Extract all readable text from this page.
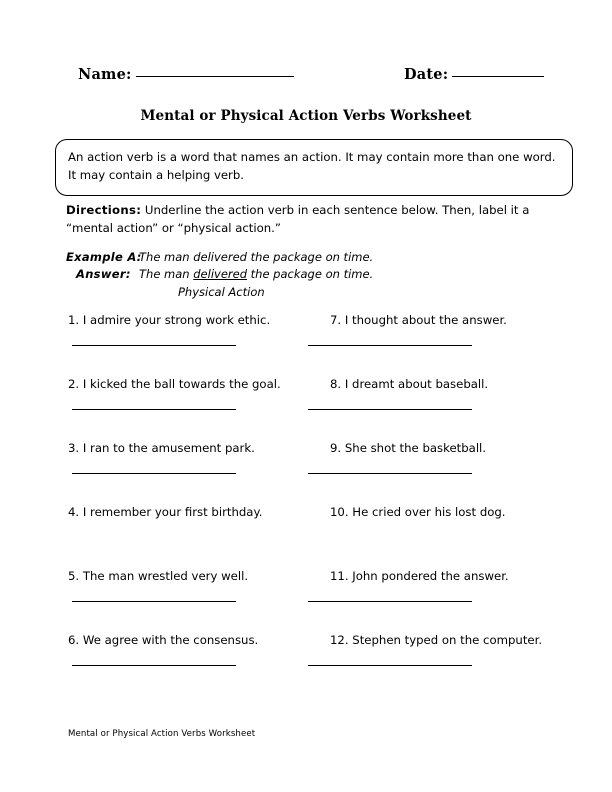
Name:	Date:
Mental or Physical Action Verbs Worksheet
An action verb is a word that names an action. It may contain more than one word. It may contain a helping verb.
Directions: Underline the action verb in each sentence below. Then, label it a “mental action” or “physical action.”
Example A:
The man delivered the package on time.
Answer: The man delivered the package on time.
Physical Action
1. I admire your strong work ethic.
2. I kicked the ball towards the goal.
3. I ran to the amusement park.
4. I remember your first birthday.
5. The man wrestled very well.
6. We agree with the consensus.
7. I thought about the answer.
8. I dreamt about baseball.
9. She shot the basketball.
10. He cried over his lost dog.
11. John pondered the answer.
12. Stephen typed on the computer.
Mental or Physical Action Verbs Worksheet
